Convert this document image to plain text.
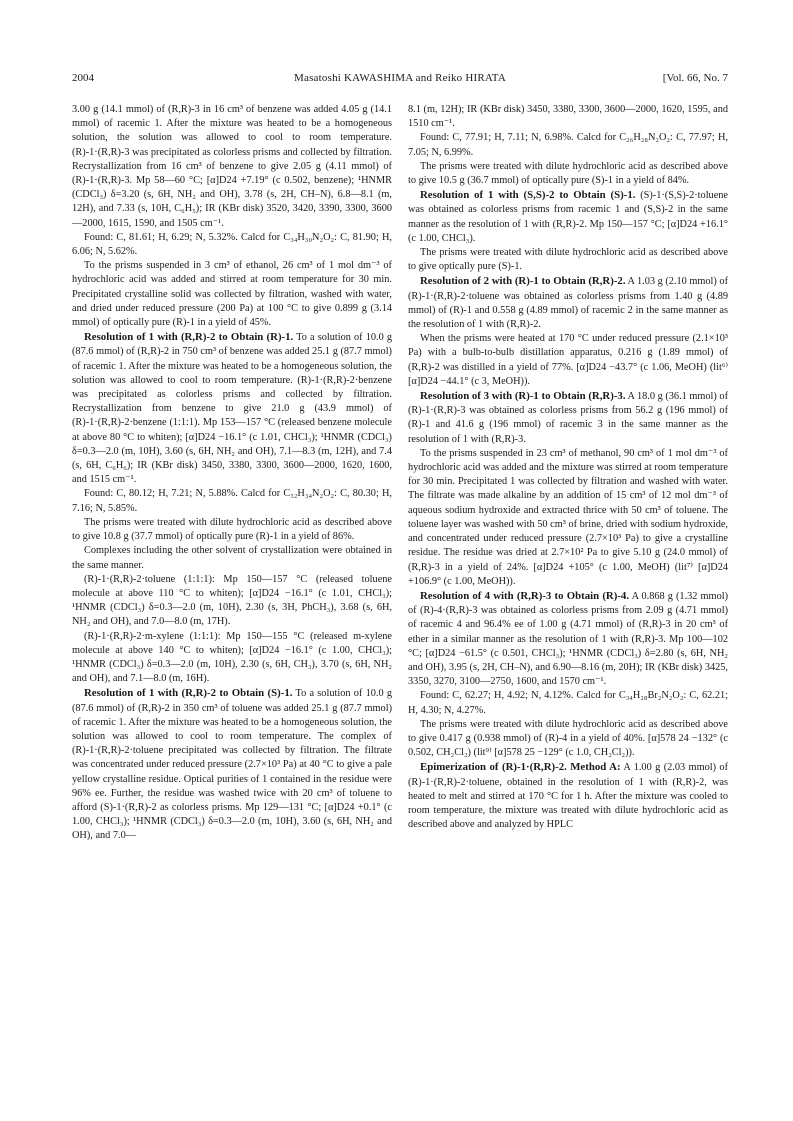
2004	Masatoshi KAWASHIMA and Reiko HIRATA	[Vol. 66, No. 7

3.00 g (14.1 mmol) of (R,R)-3 in 16 cm³ of benzene was added 4.05 g (14.1 mmol) of racemic 1. After the mixture was heated to be a homogeneous solution, the solution was allowed to cool to room temperature. (R)-1·(R,R)-3 was precipitated as colorless prisms and collected by filtration. Recrystallization from 16 cm³ of benzene to give 2.05 g (4.11 mmol) of (R)-1·(R,R)-3. Mp 58—60 °C; [α]D24 +7.19° (c 0.502, benzene); ¹HNMR (CDCl₃) δ=3.20 (s, 6H, NH₂ and OH), 3.78 (s, 2H, CH–N), 6.8—8.1 (m, 12H), and 7.33 (s, 10H, C₆H₅); IR (KBr disk) 3520, 3420, 3390, 3300, 3600—2000, 1615, 1590, and 1505 cm⁻¹.

Found: C, 81.61; H, 6.29; N, 5.32%. Calcd for C₃₄H₃₀N₂O₂: C, 81.90; H, 6.06; N, 5.62%.

To the prisms suspended in 3 cm³ of ethanol, 26 cm³ of 1 mol dm⁻³ of hydrochloric acid was added and stirred at room temperature for 30 min. Precipitated crystalline solid was collected by filtration, washed with water, and dried under reduced pressure (200 Pa) at 100 °C to give 0.899 g (3.14 mmol) of optically pure (R)-1 in a yield of 45%.

Resolution of 1 with (R,R)-2 to Obtain (R)-1. To a solution of 10.0 g (87.6 mmol) of (R,R)-2 in 750 cm³ of benzene was added 25.1 g (87.7 mmol) of racemic 1. After the mixture was heated to be a homogeneous solution, the solution was allowed to cool to room temperature. (R)-1·(R,R)-2·benzene was precipitated as colorless prisms and collected by filtration. Recrystallization from benzene to give 21.0 g (43.9 mmol) of (R)-1·(R,R)-2·benzene (1:1:1). Mp 153—157 °C (released benzene molecule at above 80 °C to whiten); [α]D24 −16.1° (c 1.01, CHCl₃); ¹HNMR (CDCl₃) δ=0.3—2.0 (m, 10H), 3.60 (s, 6H, NH₂ and OH), 7.1—8.3 (m, 12H), and 7.4 (s, 6H, C₆H₆); IR (KBr disk) 3450, 3380, 3300, 3600—2000, 1620, 1600, and 1515 cm⁻¹.

Found: C, 80.12; H, 7.21; N, 5.88%. Calcd for C₃₂H₃₄N₂O₂: C, 80.30; H, 7.16; N, 5.85%.

The prisms were treated with dilute hydrochloric acid as described above to give 10.8 g (37.7 mmol) of optically pure (R)-1 in a yield of 86%.

Complexes including the other solvent of crystallization were obtained in the same manner.

(R)-1·(R,R)-2·toluene (1:1:1): Mp 150—157 °C (released toluene molecule at above 110 °C to whiten); [α]D24 −16.1° (c 1.01, CHCl₃); ¹HNMR (CDCl₃) δ=0.3—2.0 (m, 10H), 2.30 (s, 3H, PhCH₃), 3.68 (s, 6H, NH₂ and OH), and 7.0—8.0 (m, 17H).

(R)-1·(R,R)-2·m-xylene (1:1:1): Mp 150—155 °C (released m-xylene molecule at above 140 °C to whiten); [α]D24 −16.1° (c 1.00, CHCl₃); ¹HNMR (CDCl₃) δ=0.3—2.0 (m, 10H), 2.30 (s, 6H, CH₃), 3.70 (s, 6H, NH₂ and OH), and 7.1—8.0 (m, 16H).

Resolution of 1 with (R,R)-2 to Obtain (S)-1. To a solution of 10.0 g (87.6 mmol) of (R,R)-2 in 350 cm³ of toluene was added 25.1 g (87.7 mmol) of racemic 1. After the mixture was heated to be a homogeneous solution, the solution was allowed to cool to room temperature. The complex of (R)-1·(R,R)-2·toluene precipitated was collected by filtration. The filtrate was concentrated under reduced pressure (2.7×10³ Pa) at 40 °C to give a pale yellow crystalline residue. Optical purities of 1 contained in the residue were 96% ee. Further, the residue was washed twice with 20 cm³ of toluene to afford (S)-1·(R,R)-2 as colorless prisms. Mp 129—131 °C; [α]D24 +0.1° (c 1.00, CHCl₃); ¹HNMR (CDCl₃) δ=0.3—2.0 (m, 10H), 3.60 (s, 6H, NH₂ and OH), and 7.0—

8.1 (m, 12H); IR (KBr disk) 3450, 3380, 3300, 3600—2000, 1620, 1595, and 1510 cm⁻¹.

Found: C, 77.91; H, 7.11; N, 6.98%. Calcd for C₂₆H₂₈N₂O₂: C, 77.97; H, 7.05; N, 6.99%.

The prisms were treated with dilute hydrochloric acid as described above to give 10.5 g (36.7 mmol) of optically pure (S)-1 in a yield of 84%.

Resolution of 1 with (S,S)-2 to Obtain (S)-1. (S)-1·(S,S)-2·toluene was obtained as colorless prisms from racemic 1 and (S,S)-2 in the same manner as the resolution of 1 with (R,R)-2. Mp 150—157 °C; [α]D24 +16.1° (c 1.00, CHCl₃).

The prisms were treated with dilute hydrochloric acid as described above to give optically pure (S)-1.

Resolution of 2 with (R)-1 to Obtain (R,R)-2. A 1.03 g (2.10 mmol) of (R)-1·(R,R)-2·toluene was obtained as colorless prisms from 1.40 g (4.89 mmol) of (R)-1 and 0.558 g (4.89 mmol) of racemic 2 in the same manner as the resolution of 1 with (R,R)-2.

When the prisms were heated at 170 °C under reduced pressure (2.1×10³ Pa) with a bulb-to-bulb distillation apparatus, 0.216 g (1.89 mmol) of (R,R)-2 was distilled in a yield of 77%. [α]D24 −43.7° (c 1.06, MeOH) (lit⁶⁾ [α]D24 −44.1° (c 3, MeOH)).

Resolution of 3 with (R)-1 to Obtain (R,R)-3. A 18.0 g (36.1 mmol) of (R)-1·(R,R)-3 was obtained as colorless prisms from 56.2 g (196 mmol) of (R)-1 and 41.6 g (196 mmol) of racemic 3 in the same manner as the resolution of 1 with (R,R)-3.

To the prisms suspended in 23 cm³ of methanol, 90 cm³ of 1 mol dm⁻³ of hydrochloric acid was added and the mixture was stirred at room temperature for 30 min. Precipitated 1 was collected by filtration and washed with water. The filtrate was made alkaline by an addition of 15 cm³ of 12 mol dm⁻³ of aqueous sodium hydroxide and extracted thrice with 50 cm³ of toluene. The toluene layer was washed with 50 cm³ of brine, dried with sodium hydroxide, and concentrated under reduced pressure (2.7×10³ Pa) to give a crystalline residue. The residue was dried at 2.7×10² Pa to give 5.10 g (24.0 mmol) of (R,R)-3 in a yield of 24%. [α]D24 +105° (c 1.00, MeOH) (lit⁷⁾ [α]D24 +106.9° (c 1.00, MeOH)).

Resolution of 4 with (R,R)-3 to Obtain (R)-4. A 0.868 g (1.32 mmol) of (R)-4·(R,R)-3 was obtained as colorless prisms from 2.09 g (4.71 mmol) of racemic 4 and 96.4% ee of 1.00 g (4.71 mmol) of (R,R)-3 in 20 cm³ of ether in a similar manner as the resolution of 1 with (R,R)-3. Mp 100—102 °C; [α]D24 −61.5° (c 0.501, CHCl₃); ¹HNMR (CDCl₃) δ=2.80 (s, 6H, NH₂ and OH), 3.95 (s, 2H, CH–N), and 6.90—8.16 (m, 20H); IR (KBr disk) 3425, 3350, 3270, 3100—2750, 1600, and 1570 cm⁻¹.

Found: C, 62.27; H, 4.92; N, 4.12%. Calcd for C₃₄H₂₈Br₂N₂O₂: C, 62.21; H, 4.30; N, 4.27%.

The prisms were treated with dilute hydrochloric acid as described above to give 0.417 g (0.938 mmol) of (R)-4 in a yield of 40%. [α]578 24 −132° (c 0.502, CH₂Cl₂) (lit⁹⁾ [α]578 25 −129° (c 1.0, CH₂Cl₂)).

Epimerization of (R)-1·(R,R)-2. Method A: A 1.00 g (2.03 mmol) of (R)-1·(R,R)-2·toluene, obtained in the resolution of 1 with (R,R)-2, was heated to melt and stirred at 170 °C for 1 h. After the mixture was cooled to room temperature, the mixture was treated with dilute hydrochloric acid as described above and analyzed by HPLC
